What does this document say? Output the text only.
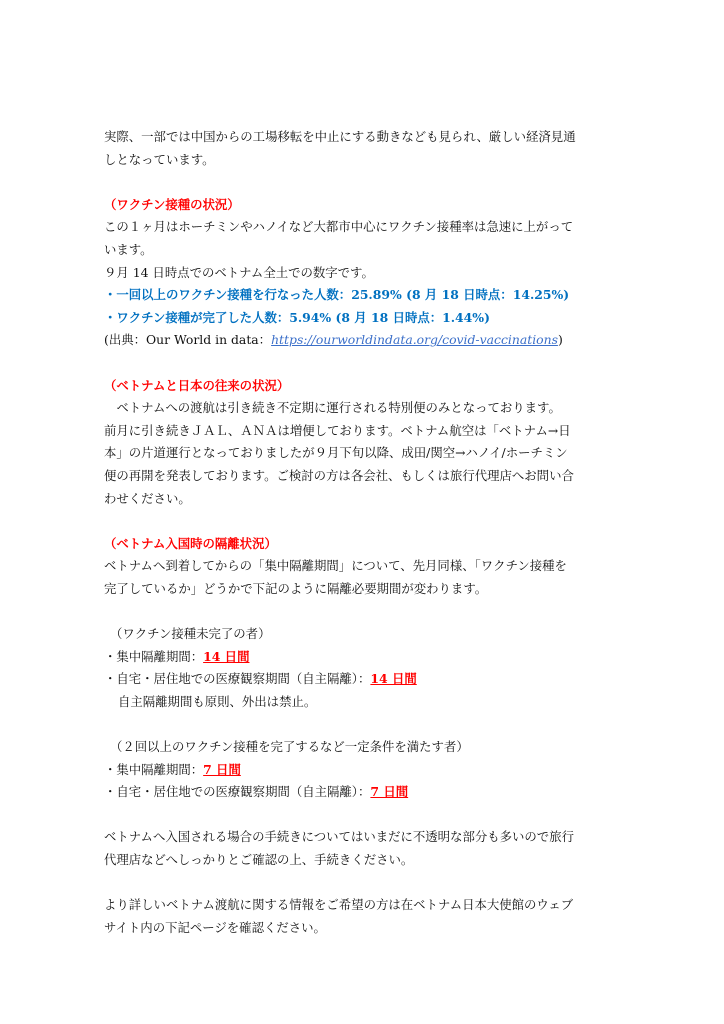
実際、一部では中国からの工場移転を中止にする動きなども見られ、厳しい経済見通
しとなっています。
（ワクチン接種の状況）
この１ヶ月はホーチミンやハノイなど大都市中心にワクチン接種率は急速に上がって
います。
９月 14 日時点でのベトナム全土での数字です。
・一回以上のワクチン接種を行なった人数：25.89% (8 月 18 日時点：14.25%)
・ワクチン接種が完了した人数：5.94% (8 月 18 日時点：1.44%)
(出典：Our World in data：https://ourworldindata.org/covid-vaccinations)
（ベトナムと日本の往来の状況）
　ベトナムへの渡航は引き続き不定期に運行される特別便のみとなっております。
前月に引き続きＪＡＬ、ＡＮＡは増便しております。ベトナム航空は「ベトナム→日
本」の片道運行となっておりましたが９月下旬以降、成田/関空→ハノイ/ホーチミン
便の再開を発表しております。ご検討の方は各会社、もしくは旅行代理店へお問い合
わせください。
（ベトナム入国時の隔離状況）
ベトナムへ到着してからの「集中隔離期間」について、先月同様、「ワクチン接種を
完了しているか」どうかで下記のように隔離必要期間が変わります。
（ワクチン接種未完了の者）
・集中隔離期間：14 日間
・自宅・居住地での医療観察期間（自主隔離）：14 日間
自主隔離期間も原則、外出は禁止。
（２回以上のワクチン接種を完了するなど一定条件を満たす者）
・集中隔離期間：7 日間
・自宅・居住地での医療観察期間（自主隔離）：7 日間
ベトナムへ入国される場合の手続きについてはいまだに不透明な部分も多いので旅行
代理店などへしっかりとご確認の上、手続きください。
より詳しいベトナム渡航に関する情報をご希望の方は在ベトナム日本大使館のウェブ
サイト内の下記ページを確認ください。
